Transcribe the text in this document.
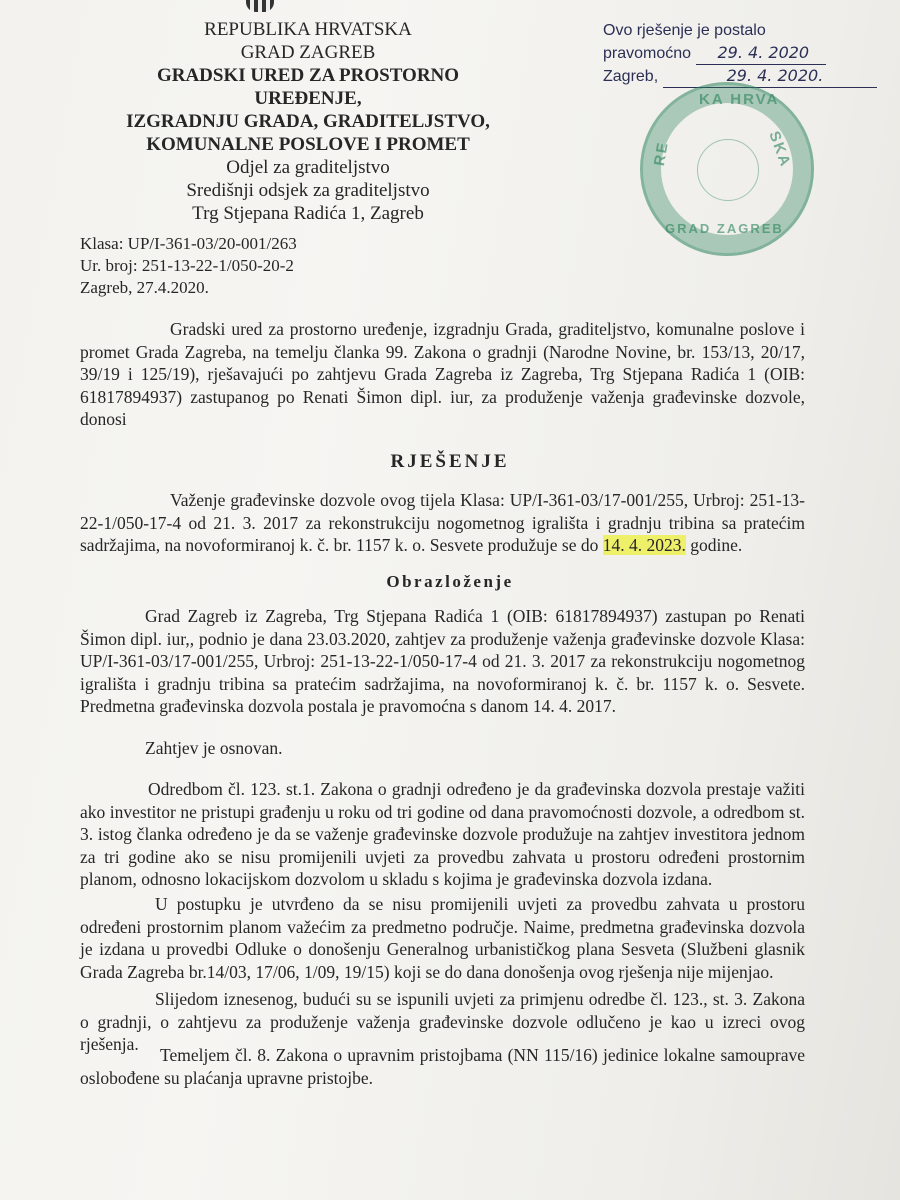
REPUBLIKA HRVATSKA
GRAD ZAGREB
GRADSKI URED ZA PROSTORNO UREĐENJE,
IZGRADNJU GRADA, GRADITELJSTVO,
KOMUNALNE POSLOVE I PROMET
Odjel za graditeljstvo
Središnji odsjek za graditeljstvo
Trg Stjepana Radića 1, Zagreb
Ovo rješenje je postalo
pravomoćno 29. 4. 2020
Zagreb,	29. 4. 2020.
KA HRVA
RE	SKA
GRAD ZAGREB
Klasa: UP/I-361-03/20-001/263
Ur. broj: 251-13-22-1/050-20-2
Zagreb, 27.4.2020.

Gradski ured za prostorno uređenje, izgradnju Grada, graditeljstvo, komunalne poslove i promet Grada Zagreba, na temelju članka 99. Zakona o gradnji (Narodne Novine, br. 153/13, 20/17, 39/19 i 125/19), rješavajući po zahtjevu Grada Zagreba iz Zagreba, Trg Stjepana Radića 1 (OIB: 61817894937) zastupanog po Renati Šimon dipl. iur, za produženje važenja građevinske dozvole, donosi

RJEŠENJE

Važenje građevinske dozvole ovog tijela Klasa: UP/I-361-03/17-001/255, Urbroj: 251-13-22-1/050-17-4 od 21. 3. 2017 za rekonstrukciju nogometnog igrališta i gradnju tribina sa pratećim sadržajima, na novoformiranoj k. č. br. 1157 k. o. Sesvete produžuje se do 14. 4. 2023. godine.

Obrazloženje

Grad Zagreb iz Zagreba, Trg Stjepana Radića 1 (OIB: 61817894937) zastupan po Renati Šimon dipl. iur,, podnio je dana 23.03.2020, zahtjev za produženje važenja građevinske dozvole Klasa: UP/I-361-03/17-001/255, Urbroj: 251-13-22-1/050-17-4 od 21. 3. 2017 za rekonstrukciju nogometnog igrališta i gradnju tribina sa pratećim sadržajima, na novoformiranoj k. č. br. 1157 k. o. Sesvete. Predmetna građevinska dozvola postala je pravomoćna s danom 14. 4. 2017.

Zahtjev je osnovan.

Odredbom čl. 123. st.1. Zakona o gradnji određeno je da građevinska dozvola prestaje važiti ako investitor ne pristupi građenju u roku od tri godine od dana pravomoćnosti dozvole, a odredbom st. 3. istog članka određeno je da se važenje građevinske dozvole produžuje na zahtjev investitora jednom za tri godine ako se nisu promijenili uvjeti za provedbu zahvata u prostoru određeni prostornim planom, odnosno lokacijskom dozvolom u skladu s kojima je građevinska dozvola izdana.

U postupku je utvrđeno da se nisu promijenili uvjeti za provedbu zahvata u prostoru određeni prostornim planom važećim za predmetno područje. Naime, predmetna građevinska dozvola je izdana u provedbi Odluke o donošenju Generalnog urbanističkog plana Sesveta (Službeni glasnik Grada Zagreba br.14/03, 17/06, 1/09, 19/15) koji se do dana donošenja ovog rješenja nije mijenjao.

Slijedom iznesenog, budući su se ispunili uvjeti za primjenu odredbe čl. 123., st. 3. Zakona o gradnji, o zahtjevu za produženje važenja građevinske dozvole odlučeno je kao u izreci ovog rješenja.

Temeljem čl. 8. Zakona o upravnim pristojbama (NN 115/16) jedinice lokalne samouprave oslobođene su plaćanja upravne pristojbe.
